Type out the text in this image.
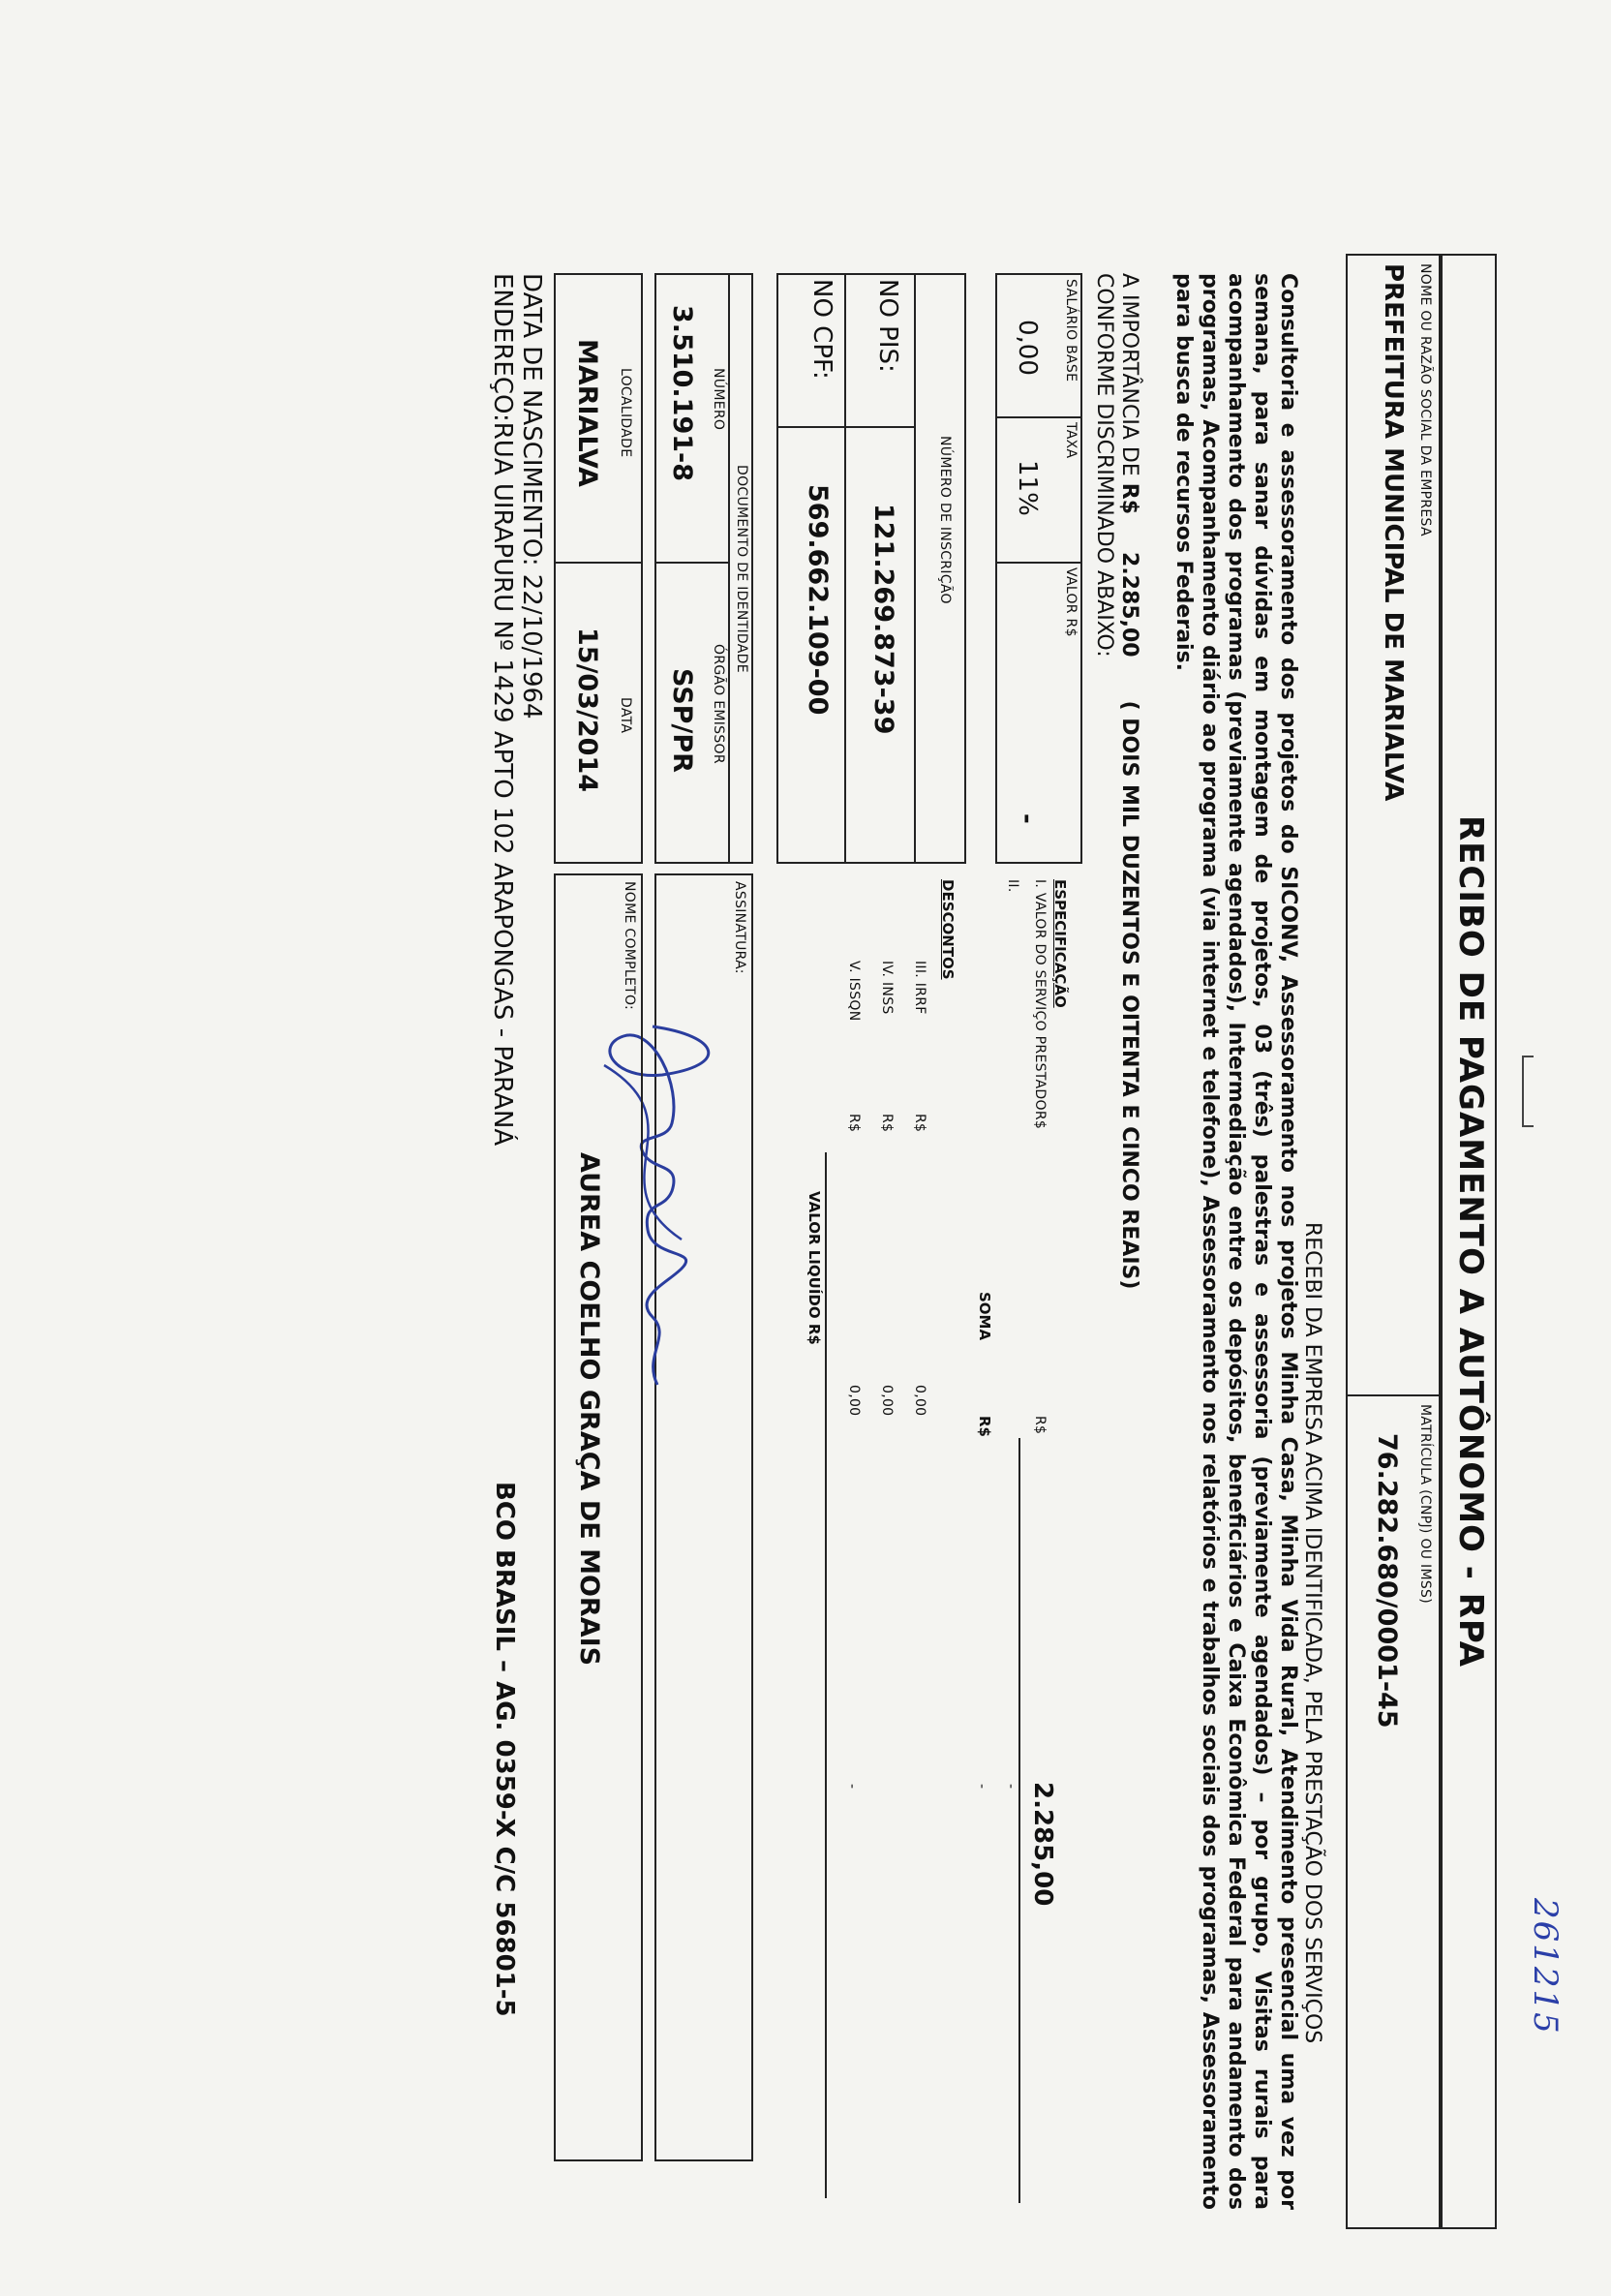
261215
RECIBO DE PAGAMENTO A AUTÔNOMO - RPA
NOME OU RAZÃO SOCIAL DA EMPRESA
PREFEITURA MUNICIPAL DE MARIALVA
MATRÍCULA (CNPJ) OU IMSS)
76.282.680/0001-45
RECEBI DA EMPRESA ACIMA IDENTIFICADA, PELA PRESTAÇÃO DOS SERVIÇOS
Consultoria e assessoramento dos projetos do SICONV, Assessoramento nos projetos Minha Casa, Minha Vida Rural, Atendimento presencial uma vez por semana, para sanar dúvidas em montagem de projetos, 03 (três) palestras e assessoria (previamente agendados) – por grupo, Visitas rurais para acompanhamento dos programas (previamente agendados), Intermediação entre os depósitos, beneficiários e Caixa Econômica Federal para andamento dos programas, Acompanhamento diário ao programa (via internet e telefone), Assessoramento nos relatórios e trabalhos sociais dos programas, Assessoramento para busca de recursos Federais.
A IMPORTÂNCIA DE R$ 2.285,00 ( DOIS MIL DUZENTOS E OITENTA E CINCO REAIS)
CONFORME DISCRIMINADO ABAIXO:
SALÁRIO BASE
TAXA
VALOR R$
0,00
11%
-
ESPECIFICAÇÃO
I. VALOR DO SERVIÇO PRESTADOR$
R$
2.285,00
II.
-
SOMA
R$
-
NÚMERO DE INSCRIÇÃO
NO PIS:
121.269.873-39
NO CPF:
569.662.109-00
DESCONTOS
III. IRRF
R$
0,00
IV. INSS
R$
0,00
V. ISSQN
R$
0,00
-
VALOR LIQUÍDO R$
DOCUMENTO DE IDENTIDADE
NÚMERO
3.510.191-8
ÓRGÃO EMISSOR
SSP/PR
ASSINATURA:
LOCALIDADE
MARIALVA
DATA
15/03/2014
NOME COMPLETO:
AUREA COELHO GRAÇA DE MORAIS
DATA DE NASCIMENTO: 22/10/1964
ENDEREÇO:RUA UIRAPURU Nº 1429 APTO 102 ARAPONGAS - PARANÁ
BCO BRASIL – AG. 0359-X C/C 56801-5
